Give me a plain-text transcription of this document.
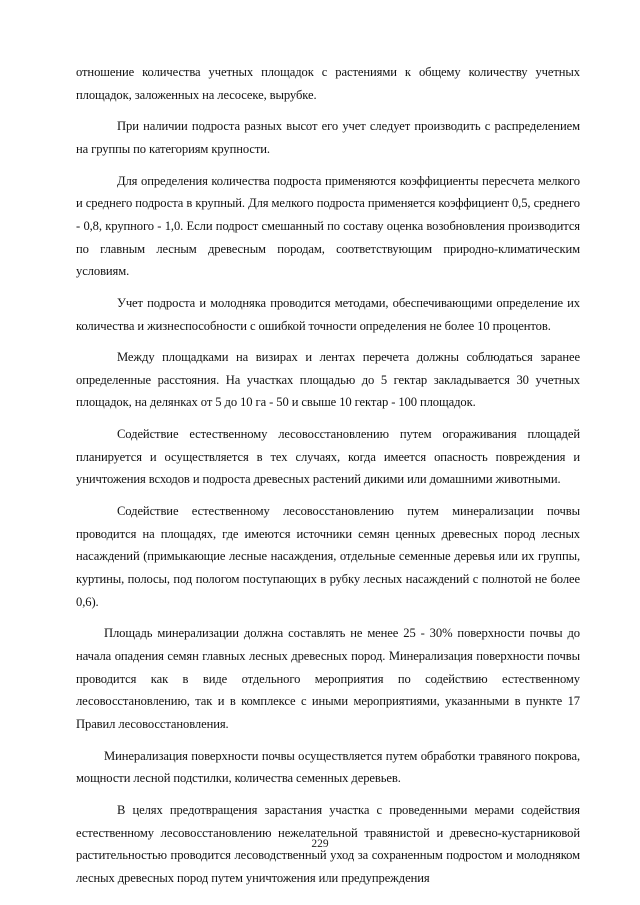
отношение количества учетных площадок с растениями к общему количеству учетных площадок, заложенных на лесосеке, вырубке.

При наличии подроста разных высот его учет следует производить с распределением на группы по категориям крупности.

Для определения количества подроста применяются коэффициенты пересчета мелкого и среднего подроста в крупный. Для мелкого подроста применяется коэффициент 0,5, среднего - 0,8, крупного - 1,0. Если подрост смешанный по составу оценка возобновления производится по главным лесным древесным породам, соответствующим природно-климатическим условиям.

Учет подроста и молодняка проводится методами, обеспечивающими определение их количества и жизнеспособности с ошибкой точности определения не более 10 процентов.

Между площадками на визирах и лентах перечета должны соблюдаться заранее определенные расстояния. На участках площадью до 5 гектар закладывается 30 учетных площадок, на делянках от 5 до 10 га - 50 и свыше 10 гектар - 100 площадок.

Содействие естественному лесовосстановлению путем огораживания площадей планируется и осуществляется в тех случаях, когда имеется опасность повреждения и уничтожения всходов и подроста древесных растений дикими или домашними животными.

Содействие естественному лесовосстановлению путем минерализации почвы проводится на площадях, где имеются источники семян ценных древесных пород лесных насаждений (примыкающие лесные насаждения, отдельные семенные деревья или их группы, куртины, полосы, под пологом поступающих в рубку лесных насаждений с полнотой не более 0,6).

Площадь минерализации должна составлять не менее 25 - 30% поверхности почвы до начала опадения семян главных лесных древесных пород. Минерализация поверхности почвы проводится как в виде отдельного мероприятия по содействию естественному лесовосстановлению, так и в комплексе с иными мероприятиями, указанными в пункте 17 Правил лесовосстановления.

Минерализация поверхности почвы осуществляется путем обработки травяного покрова, мощности лесной подстилки, количества семенных деревьев.

В целях предотвращения зарастания участка с проведенными мерами содействия естественному лесовосстановлению нежелательной травянистой и древесно-кустарниковой растительностью проводится лесоводственный уход за сохраненным подростом и молодняком лесных древесных пород путем уничтожения или предупреждения

229
